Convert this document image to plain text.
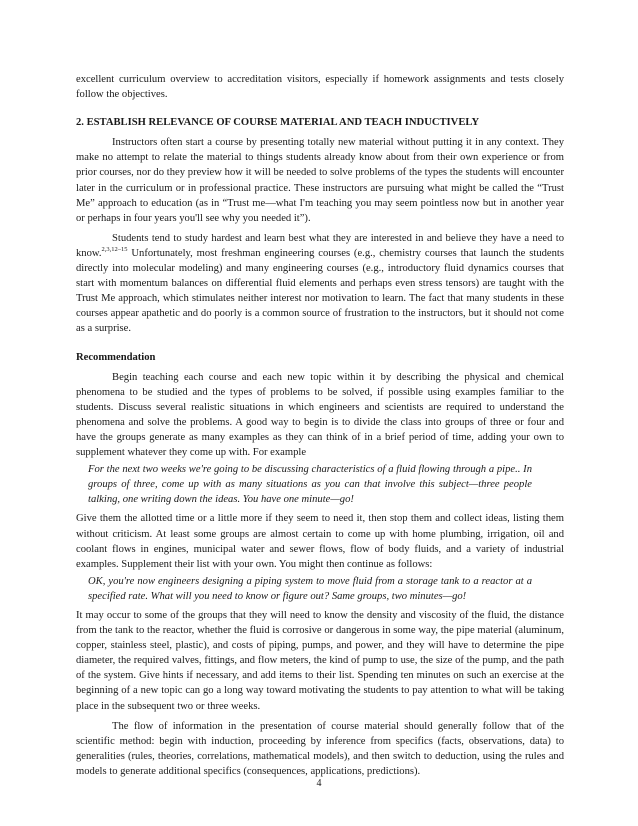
excellent curriculum overview to accreditation visitors, especially if homework assignments and tests closely follow the objectives.

2. ESTABLISH RELEVANCE OF COURSE MATERIAL AND TEACH INDUCTIVELY

Instructors often start a course by presenting totally new material without putting it in any context. They make no attempt to relate the material to things students already know about from their own experience or from prior courses, nor do they preview how it will be needed to solve problems of the types the students will encounter later in the curriculum or in professional practice. These instructors are pursuing what might be called the “Trust Me” approach to education (as in “Trust me—what I'm teaching you may seem pointless now but in another year or perhaps in four years you'll see why you needed it”).

Students tend to study hardest and learn best what they are interested in and believe they have a need to know.$^{2,3,12-15}$ Unfortunately, most freshman engineering courses (e.g., chemistry courses that launch the students directly into molecular modeling) and many engineering courses (e.g., introductory fluid dynamics courses that start with momentum balances on differential fluid elements and perhaps even stress tensors) are taught with the Trust Me approach, which stimulates neither interest nor motivation to learn. The fact that many students in these courses appear apathetic and do poorly is a common source of frustration to the instructors, but it should not come as a surprise.

Recommendation

Begin teaching each course and each new topic within it by describing the physical and chemical phenomena to be studied and the types of problems to be solved, if possible using examples familiar to the students. Discuss several realistic situations in which engineers and scientists are required to understand the phenomena and solve the problems. A good way to begin is to divide the class into groups of three or four and have the groups generate as many examples as they can think of in a brief period of time, adding your own to supplement whatever they come up with. For example

For the next two weeks we're going to be discussing characteristics of a fluid flowing through a pipe.. In groups of three, come up with as many situations as you can that involve this subject—three people talking, one writing down the ideas. You have one minute—go!

Give them the allotted time or a little more if they seem to need it, then stop them and collect ideas, listing them without criticism. At least some groups are almost certain to come up with home plumbing, irrigation, oil and coolant flows in engines, municipal water and sewer flows, flow of body fluids, and a variety of industrial examples. Supplement their list with your own. You might then continue as follows:

OK, you're now engineers designing a piping system to move fluid from a storage tank to a reactor at a specified rate. What will you need to know or figure out? Same groups, two minutes—go!

It may occur to some of the groups that they will need to know the density and viscosity of the fluid, the distance from the tank to the reactor, whether the fluid is corrosive or dangerous in some way, the pipe material (aluminum, copper, stainless steel, plastic), and costs of piping, pumps, and power, and they will have to determine the pipe diameter, the required valves, fittings, and flow meters, the kind of pump to use, the size of the pump, and the path of the system. Give hints if necessary, and add items to their list. Spending ten minutes on such an exercise at the beginning of a new topic can go a long way toward motivating the students to pay attention to what will be taking place in the subsequent two or three weeks.

The flow of information in the presentation of course material should generally follow that of the scientific method: begin with induction, proceeding by inference from specifics (facts, observations, data) to generalities (rules, theories, correlations, mathematical models), and then switch to deduction, using the rules and models to generate additional specifics (consequences, applications, predictions).

4
